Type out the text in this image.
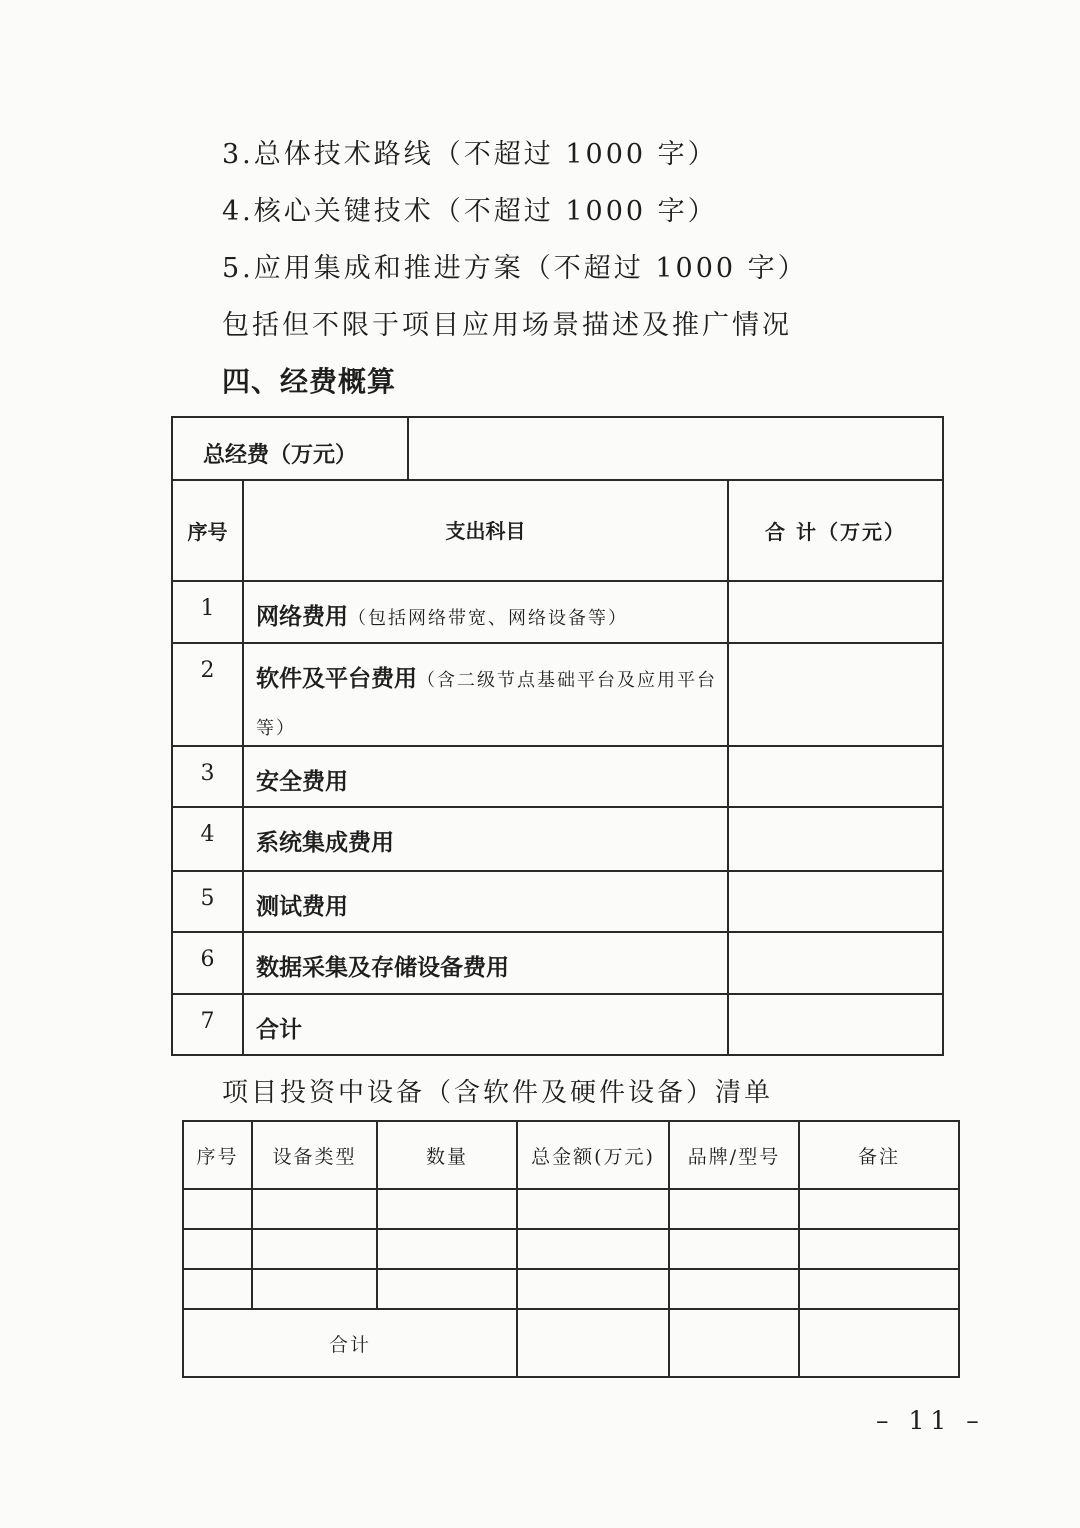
3.总体技术路线（不超过 1000 字）
4.核心关键技术（不超过 1000 字）
5.应用集成和推进方案（不超过 1000 字）
包括但不限于项目应用场景描述及推广情况
四、经费概算
总经费（万元）
序号	支出科目	合 计（万元）
1	网络费用（包括网络带宽、网络设备等）
2	软件及平台费用（含二级节点基础平台及应用平台等）
3	安全费用
4	系统集成费用
5	测试费用
6	数据采集及存储设备费用
7	合计
项目投资中设备（含软件及硬件设备）清单
序号	设备类型	数量	总金额(万元)	品牌/型号	备注

合计					
– 11 –
